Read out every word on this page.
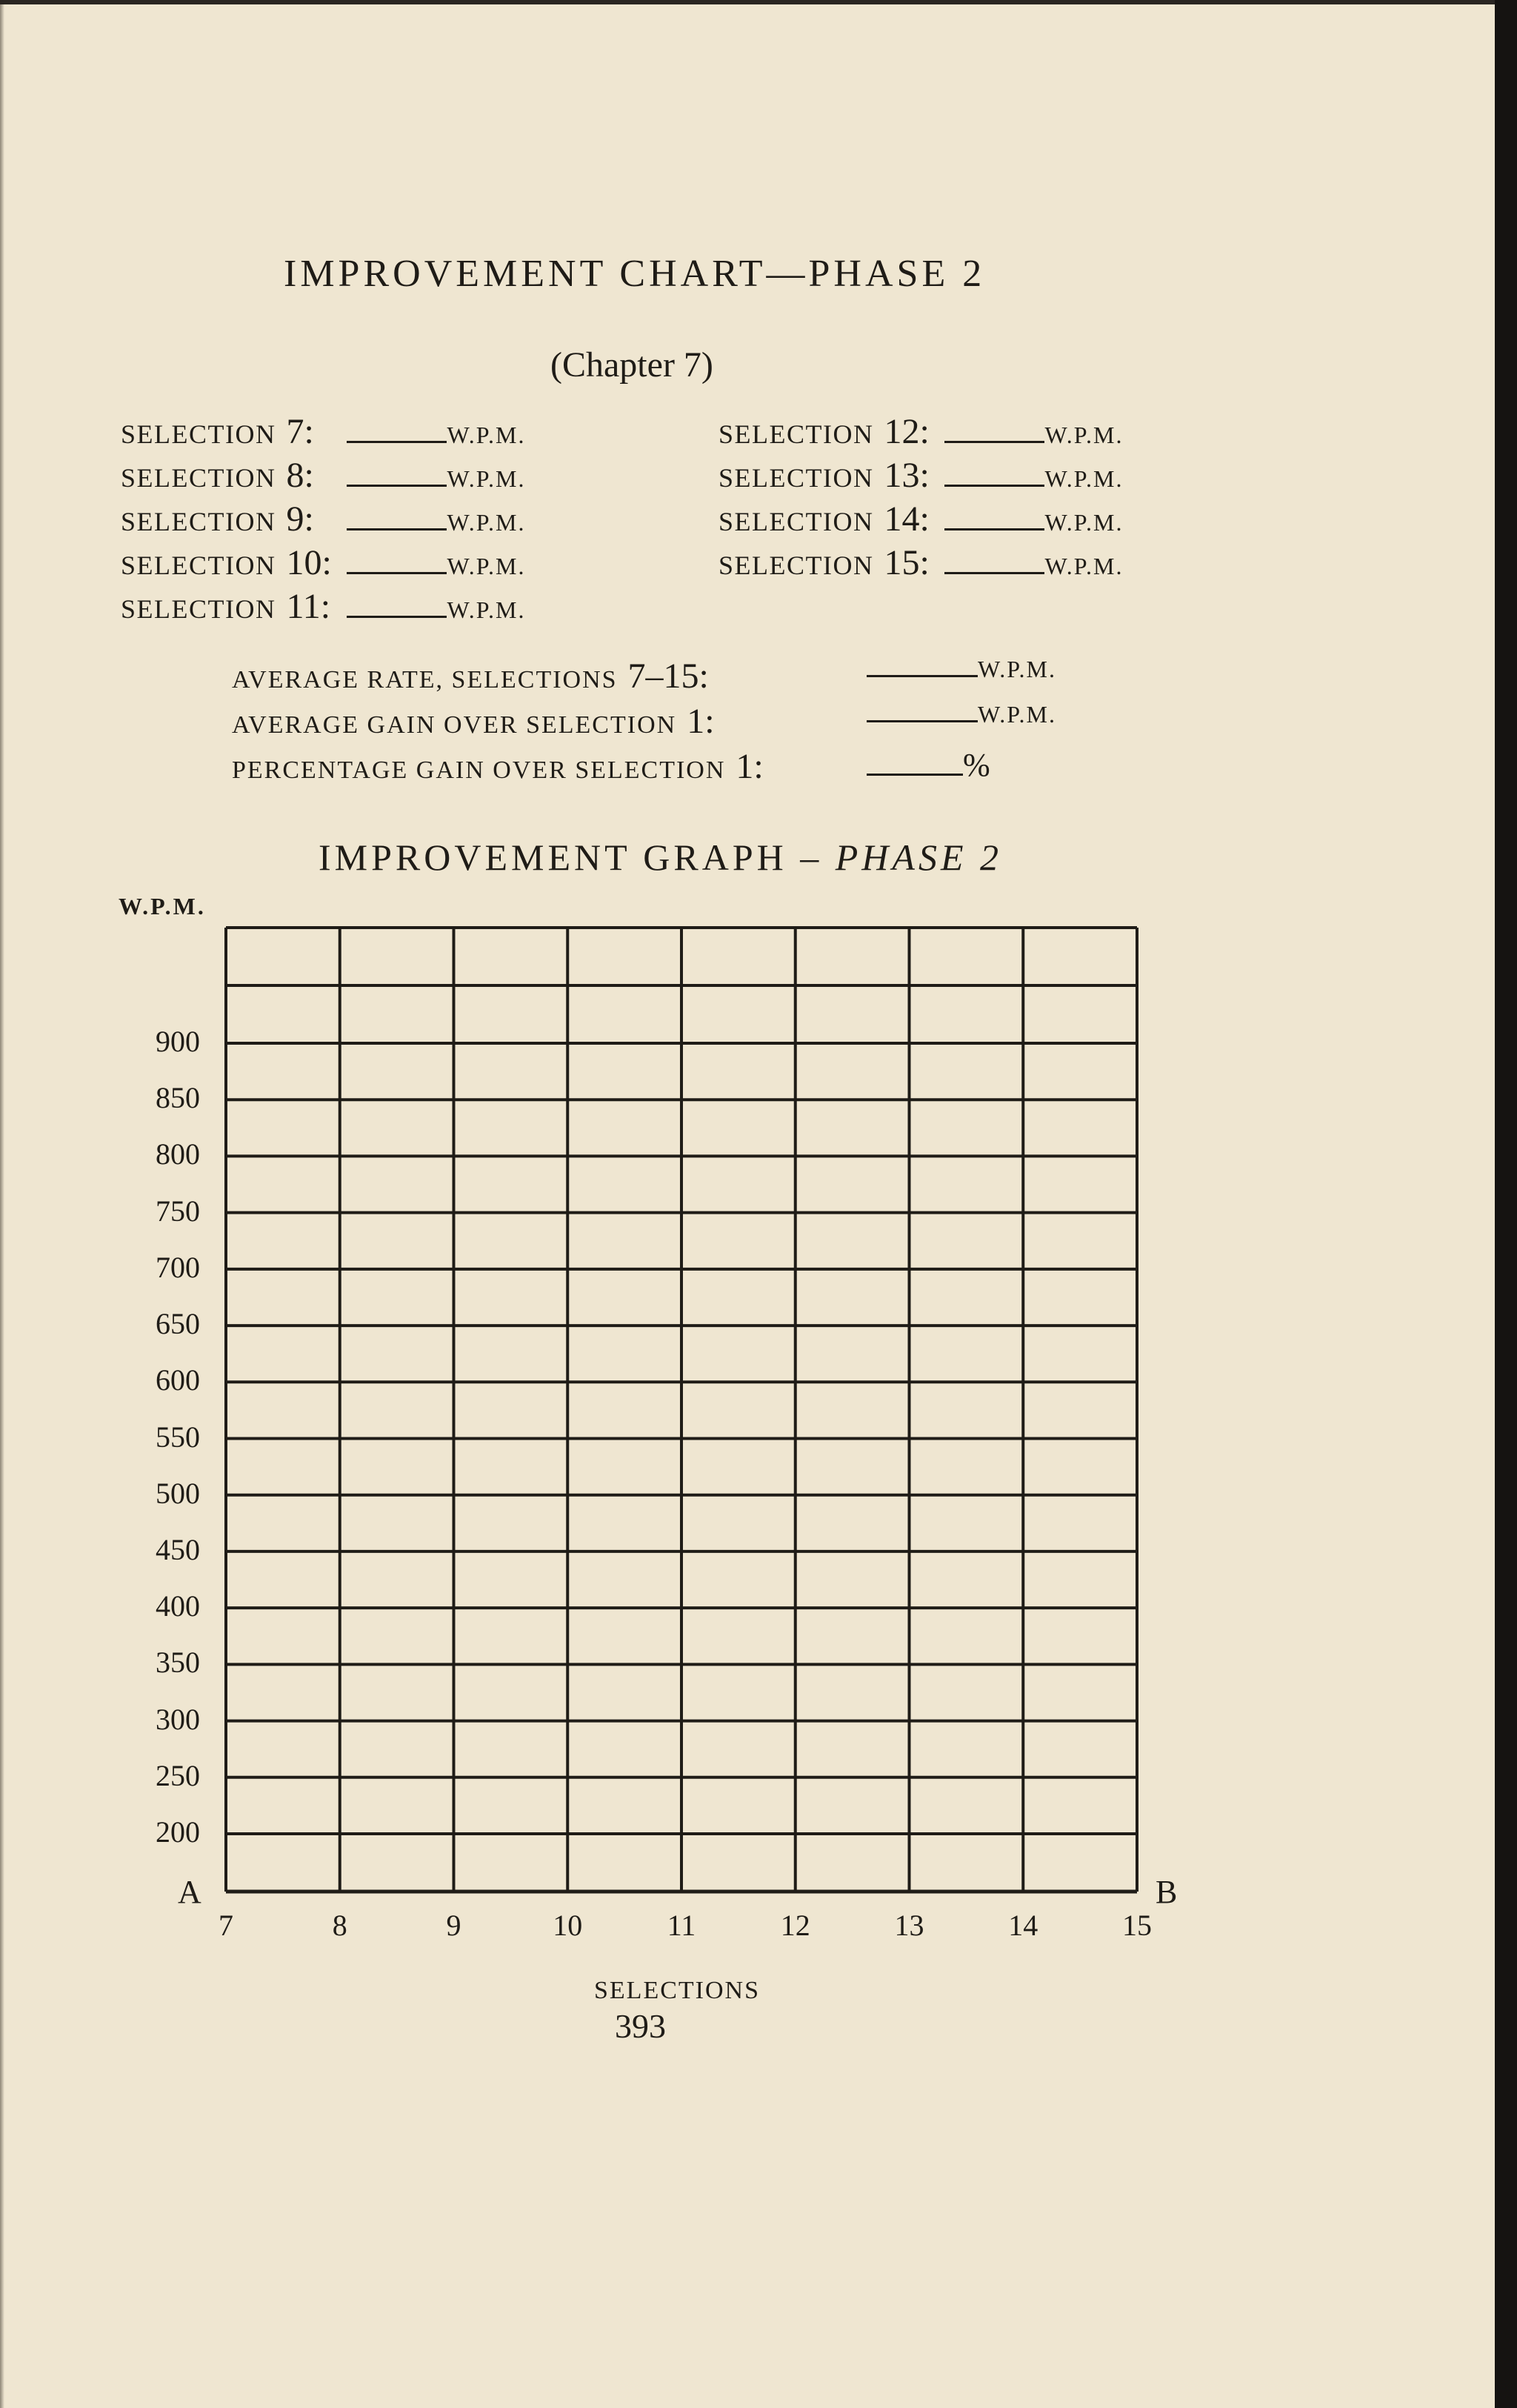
IMPROVEMENT CHART—PHASE 2
(Chapter 7)
SELECTION 7:	W.P.M.
SELECTION 8:	W.P.M.
SELECTION 9:	W.P.M.
SELECTION 10:	W.P.M.
SELECTION 11:	W.P.M.
SELECTION 12:	W.P.M.
SELECTION 13:	W.P.M.
SELECTION 14:	W.P.M.
SELECTION 15:	W.P.M.
AVERAGE RATE, SELECTIONS 7–15:	W.P.M.
AVERAGE GAIN OVER SELECTION 1:	W.P.M.
PERCENTAGE GAIN OVER SELECTION 1:	%
IMPROVEMENT GRAPH – PHASE 2
W.P.M.
900
850
800
750
700
650
600
550
500
450
400
350
300
250
200
7	8	9	10	11	12	13	14	15
A	B
SELECTIONS
393
